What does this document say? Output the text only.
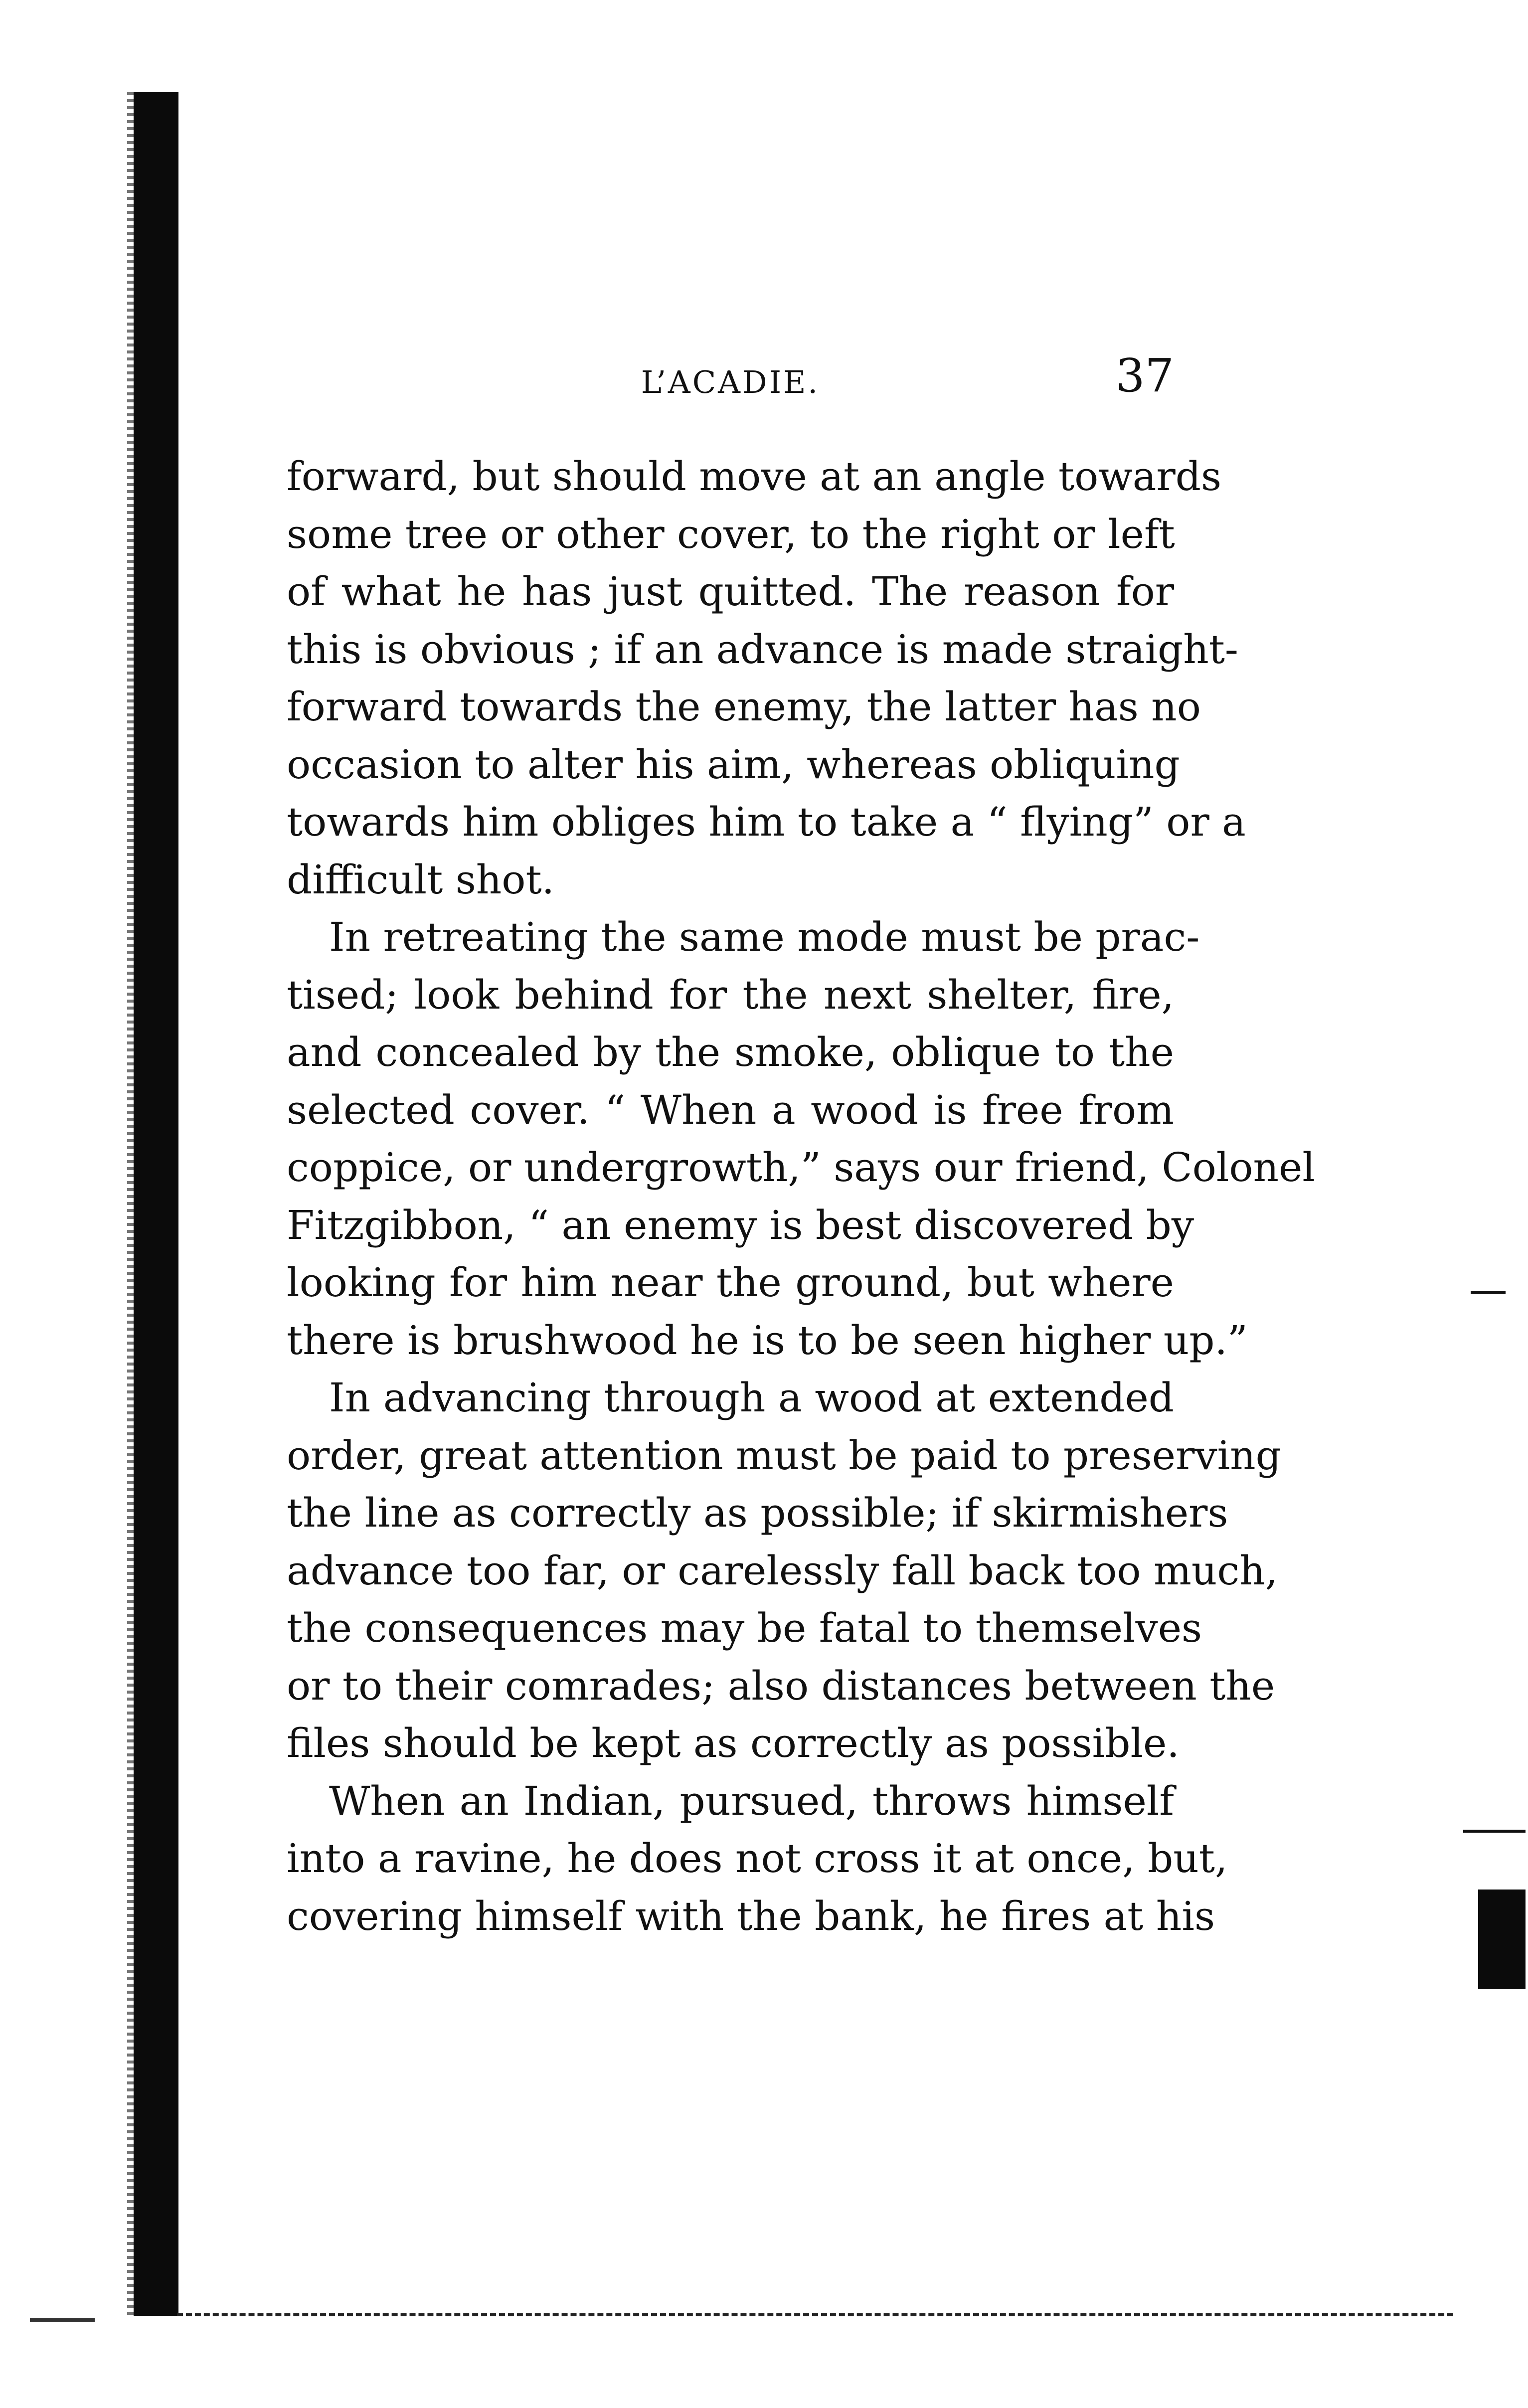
L’ACADIE.	37
forward, but should move at an angle towards
some tree or other cover, to the right or left
of what he has just quitted. The reason for
this is obvious ; if an advance is made straight-
forward towards the enemy, the latter has no
occasion to alter his aim, whereas obliquing
towards him obliges him to take a “ flying” or a
difficult shot.
In retreating the same mode must be prac-
tised; look behind for the next shelter, fire,
and concealed by the smoke, oblique to the
selected cover. “ When a wood is free from
coppice, or undergrowth,” says our friend, Colonel
Fitzgibbon, “ an enemy is best discovered by
looking for him near the ground, but where
there is brushwood he is to be seen higher up.”
In advancing through a wood at extended
order, great attention must be paid to preserving
the line as correctly as possible; if skirmishers
advance too far, or carelessly fall back too much,
the consequences may be fatal to themselves
or to their comrades; also distances between the
files should be kept as correctly as possible.
When an Indian, pursued, throws himself
into a ravine, he does not cross it at once, but,
covering himself with the bank, he fires at his
